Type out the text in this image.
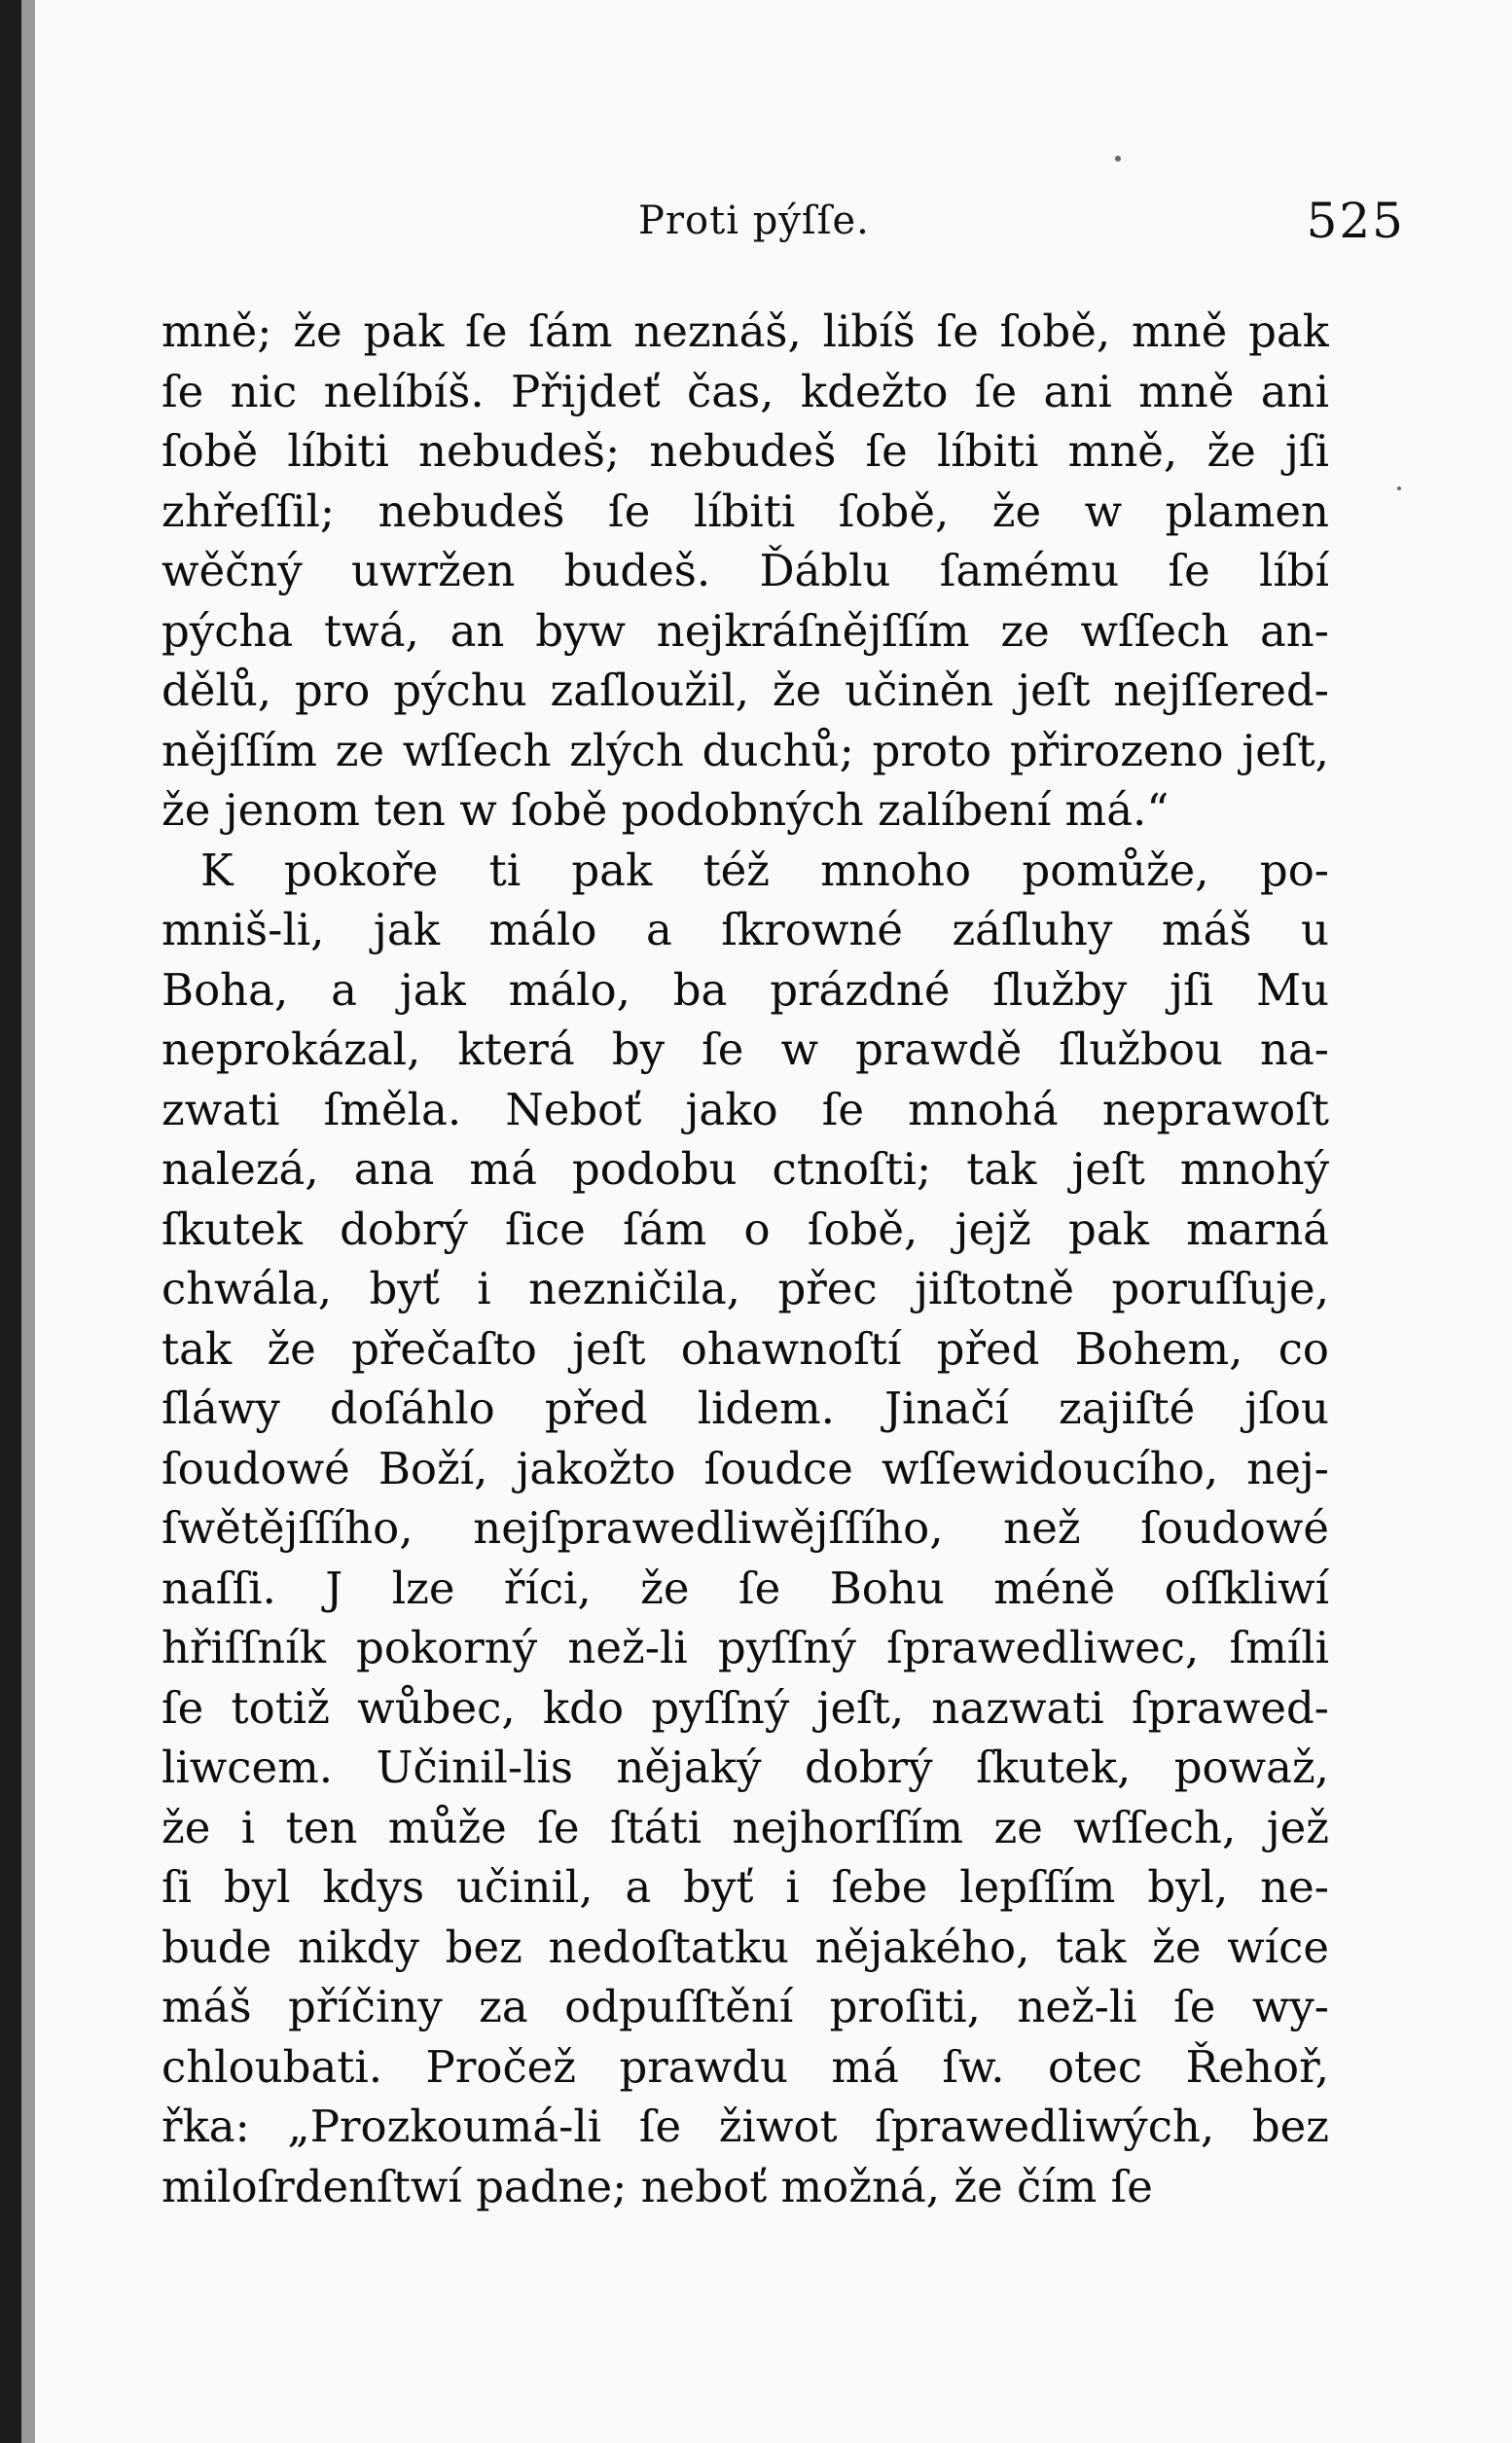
Proti pýſſe.	525
mně; že pak ſe ſám neznáš, libíš ſe ſobě, mně pak
ſe nic nelíbíš. Přijdeť čas, kdežto ſe ani mně ani
ſobě líbiti nebudeš; nebudeš ſe líbiti mně, že jſi
zhřeſſil; nebudeš ſe líbiti ſobě, že w plamen
wěčný uwržen budeš. Ďáblu ſamému ſe líbí
pýcha twá, an byw nejkráſnějſſím ze wſſech an-
dělů, pro pýchu zaſloužil, že učiněn jeſt nejſſered-
nějſſím ze wſſech zlých duchů; proto přirozeno jeſt,
že jenom ten w ſobě podobných zalíbení má.“
K pokoře ti pak též mnoho pomůže, po-
mniš-li, jak málo a ſkrowné záſluhy máš u
Boha, a jak málo, ba prázdné ſlužby jſi Mu
neprokázal, která by ſe w prawdě ſlužbou na-
zwati ſměla. Neboť jako ſe mnohá neprawoſt
nalezá, ana má podobu ctnoſti; tak jeſt mnohý
ſkutek dobrý ſice ſám o ſobě, jejž pak marná
chwála, byť i nezničila, přec jiſtotně poruſſuje,
tak že přečaſto jeſt ohawnoſtí před Bohem, co
ſláwy doſáhlo před lidem. Jinačí zajiſté jſou
ſoudowé Boží, jakožto ſoudce wſſewidoucího, nej-
ſwětějſſího, nejſprawedliwějſſího, než ſoudowé
naſſi. J lze říci, že ſe Bohu méně oſſkliwí
hřiſſník pokorný než-li pyſſný ſprawedliwec, ſmíli
ſe totiž wůbec, kdo pyſſný jeſt, nazwati ſprawed-
liwcem. Učinil-lis nějaký dobrý ſkutek, powaž,
že i ten může ſe ſtáti nejhorſſím ze wſſech, jež
ſi byl kdys učinil, a byť i ſebe lepſſím byl, ne-
bude nikdy bez nedoſtatku nějakého, tak že wíce
máš příčiny za odpuſſtění proſiti, než-li ſe wy-
chloubati. Pročež prawdu má ſw. otec Řehoř,
řka: „Prozkoumá-li ſe žiwot ſprawedliwých, bez
miloſrdenſtwí padne; neboť možná, že čím ſe
